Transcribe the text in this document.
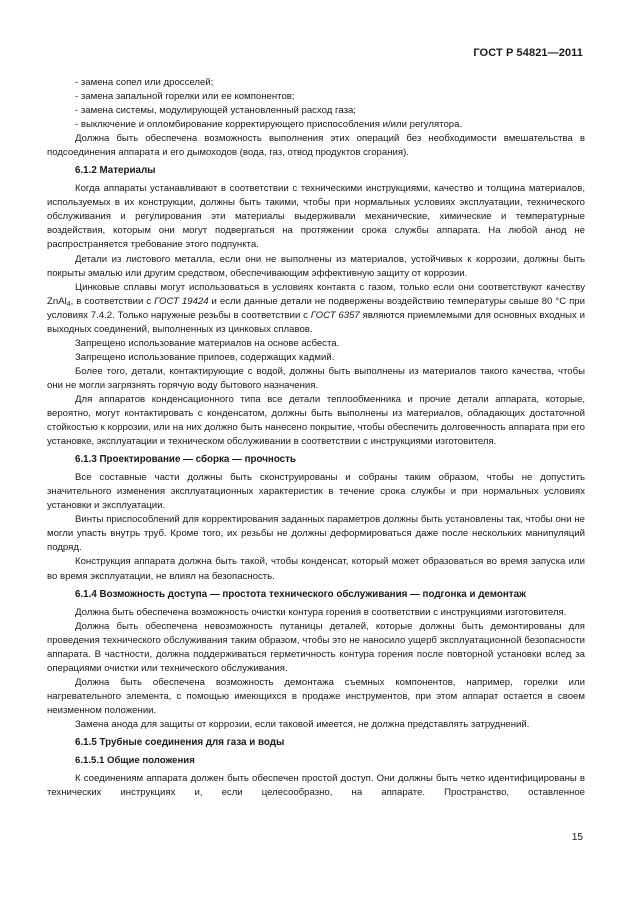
ГОСТ Р 54821—2011

- замена сопел или дросселей;

- замена запальной горелки или ее компонентов;

- замена системы, модулирующей установленный расход газа;

- выключение и опломбирование корректирующего приспособления и/или регулятора.

Должна быть обеспечена возможность выполнения этих операций без необходимости вмешательства в подсоединения аппарата и его дымоходов (вода, газ, отвод продуктов сгорания).

6.1.2 Материалы

Когда аппараты устанавливают в соответствии с техническими инструкциями, качество и толщина материалов, используемых в их конструкции, должны быть такими, чтобы при нормальных условиях эксплуатации, технического обслуживания и регулирования эти материалы выдерживали механические, химические и температурные воздействия, которым они могут подвергаться на протяжении срока службы аппарата. На любой анод не распространяется требование этого подпункта.

Детали из листового металла, если они не выполнены из материалов, устойчивых к коррозии, должны быть покрыты эмалью или другим средством, обеспечивающим эффективную защиту от коррозии.

Цинковые сплавы могут использоваться в условиях контакта с газом, только если они соответствуют качеству ZnAl$_4$, в соответствии с ГОСТ 19424 и если данные детали не подвержены воздействию температуры свыше 80 °С при условиях 7.4.2. Только наружные резьбы в соответствии с ГОСТ 6357 являются приемлемыми для основных входных и выходных соединений, выполненных из цинковых сплавов.

Запрещено использование материалов на основе асбеста.

Запрещено использование припоев, содержащих кадмий.

Более того, детали, контактирующие с водой, должны быть выполнены из материалов такого качества, чтобы они не могли загрязнять горячую воду бытового назначения.

Для аппаратов конденсационного типа все детали теплообменника и прочие детали аппарата, которые, вероятно, могут контактировать с конденсатом, должны быть выполнены из материалов, обладающих достаточной стойкостью к коррозии, или на них должно быть нанесено покрытие, чтобы обеспечить долговечность аппарата при его установке, эксплуатации и техническом обслуживании в соответствии с инструкциями изготовителя.

6.1.3 Проектирование — сборка — прочность

Все составные части должны быть сконструированы и собраны таким образом, чтобы не допустить значительного изменения эксплуатационных характеристик в течение срока службы и при нормальных условиях установки и эксплуатации.

Винты приспособлений для корректирования заданных параметров должны быть установлены так, чтобы они не могли упасть внутрь труб. Кроме того, их резьбы не должны деформироваться даже после нескольких манипуляций подряд.

Конструкция аппарата должна быть такой, чтобы конденсат, который может образоваться во время запуска или во время эксплуатации, не влиял на безопасность.

6.1.4 Возможность доступа — простота технического обслуживания — подгонка и демонтаж

Должна быть обеспечена возможность очистки контура горения в соответствии с инструкциями изготовителя.

Должна быть обеспечена невозможность путаницы деталей, которые должны быть демонтированы для проведения технического обслуживания таким образом, чтобы это не наносило ущерб эксплуатационной безопасности аппарата. В частности, должна поддерживаться герметичность контура горения после повторной установки вслед за операциями очистки или технического обслуживания.

Должна быть обеспечена возможность демонтажа съемных компонентов, например, горелки или нагревательного элемента, с помощью имеющихся в продаже инструментов, при этом аппарат остается в своем неизменном положении.

Замена анода для защиты от коррозии, если таковой имеется, не должна представлять затруднений.

6.1.5 Трубные соединения для газа и воды
6.1.5.1 Общие положения

К соединениям аппарата должен быть обеспечен простой доступ. Они должны быть четко идентифицированы в технических инструкциях и, если целесообразно, на аппарате. Пространство, оставленное

15
